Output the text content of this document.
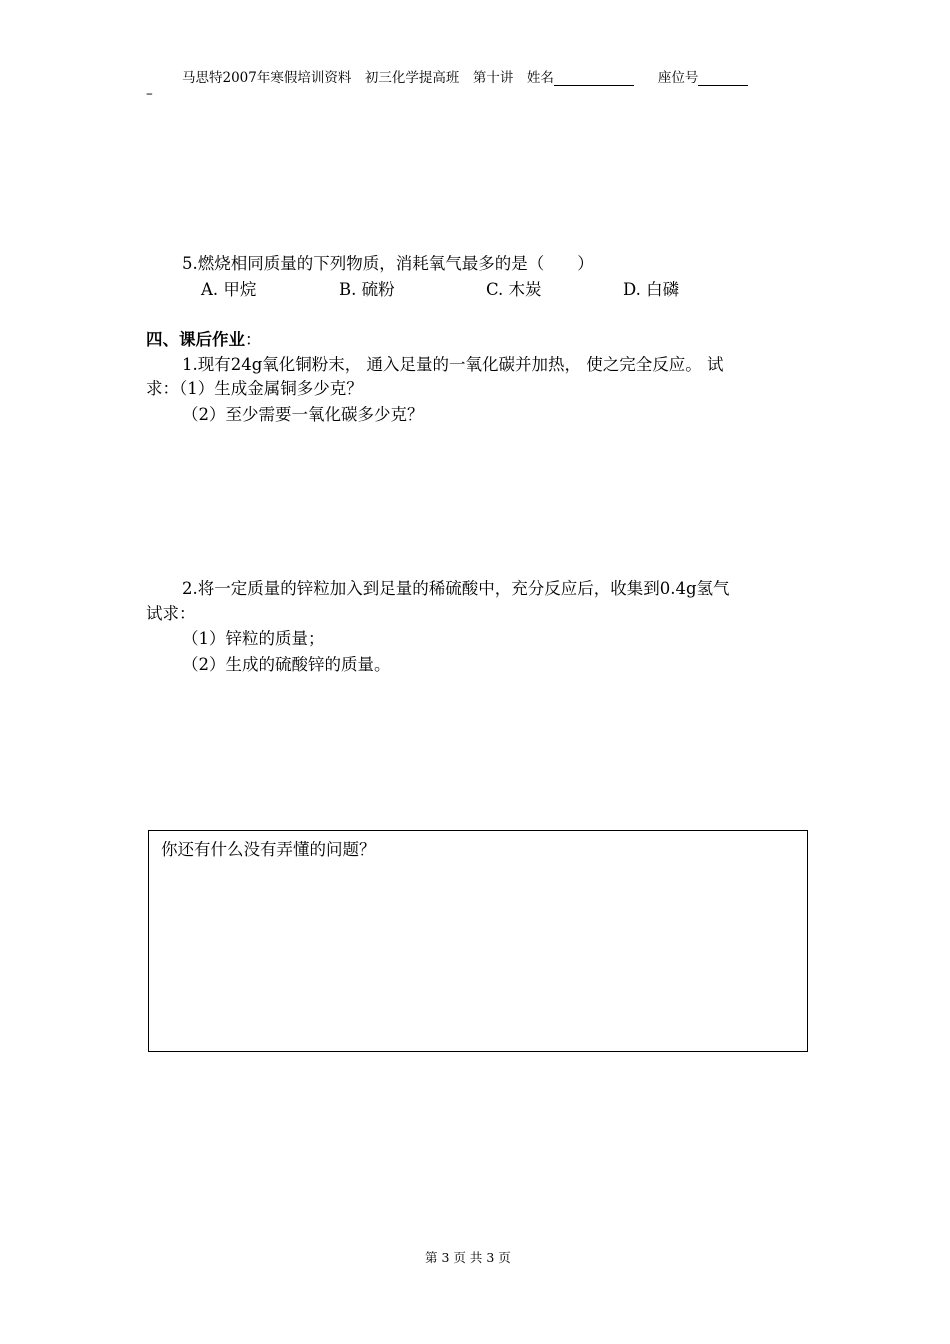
马思特2007年寒假培训资料　初三化学提高班　第十讲　姓名	座位号
–
5.燃烧相同质量的下列物质，消耗氧气最多的是（　　）
A. 甲烷	B. 硫粉	C. 木炭	D. 白磷
四、课后作业：
1.现有24g氧化铜粉末， 通入足量的一氧化碳并加热， 使之完全反应。 试
求：（1）生成金属铜多少克？
（2）至少需要一氧化碳多少克？
2.将一定质量的锌粒加入到足量的稀硫酸中，充分反应后，收集到0.4g氢气
试求：
（1）锌粒的质量；
（2）生成的硫酸锌的质量。
你还有什么没有弄懂的问题？
第 3 页 共 3 页
